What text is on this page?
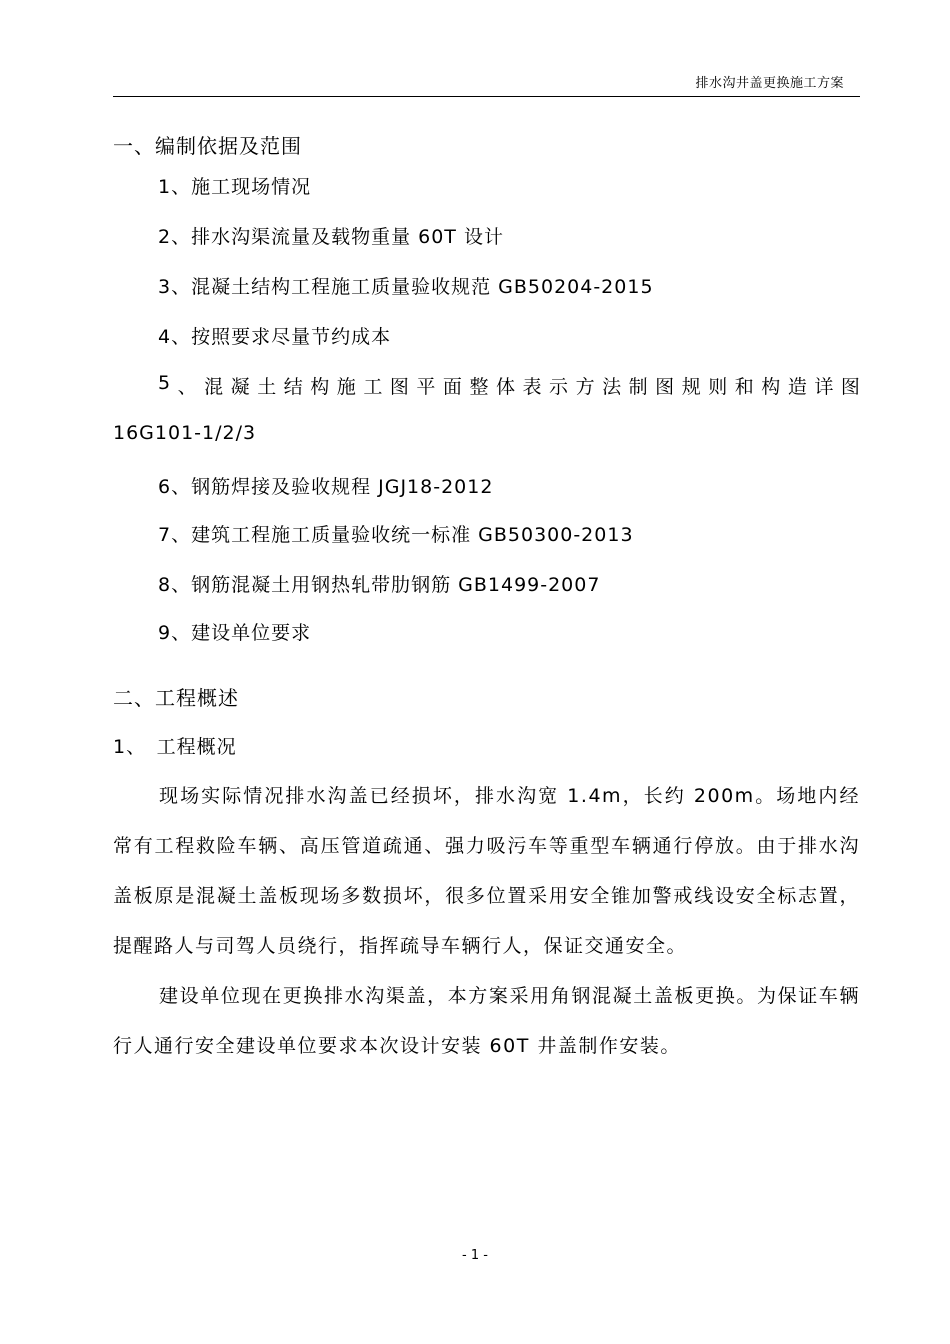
排水沟井盖更换施工方案
一、编制依据及范围
1、施工现场情况
2、排水沟渠流量及载物重量 60T 设计
3、混凝土结构工程施工质量验收规范 GB50204-2015
4、按照要求尽量节约成本
5 、 混 凝 土 结 构 施 工 图 平 面 整 体 表 示 方 法 制 图 规 则 和 构 造 详 图
16G101-1/2/3
6、钢筋焊接及验收规程 JGJ18-2012
7、建筑工程施工质量验收统一标准 GB50300-2013
8、钢筋混凝土用钢热轧带肋钢筋 GB1499-2007
9、建设单位要求
二、工程概述
1、　工程概况
现场实际情况排水沟盖已经损坏，排水沟宽 1.4m，长约 200m。场地内经常有工程救险车辆、高压管道疏通、强力吸污车等重型车辆通行停放。由于排水沟盖板原是混凝土盖板现场多数损坏，很多位置采用安全锥加警戒线设安全标志置，提醒路人与司驾人员绕行，指挥疏导车辆行人，保证交通安全。
建设单位现在更换排水沟渠盖，本方案采用角钢混凝土盖板更换。为保证车辆行人通行安全建设单位要求本次设计安装 60T 井盖制作安装。
- 1 -
